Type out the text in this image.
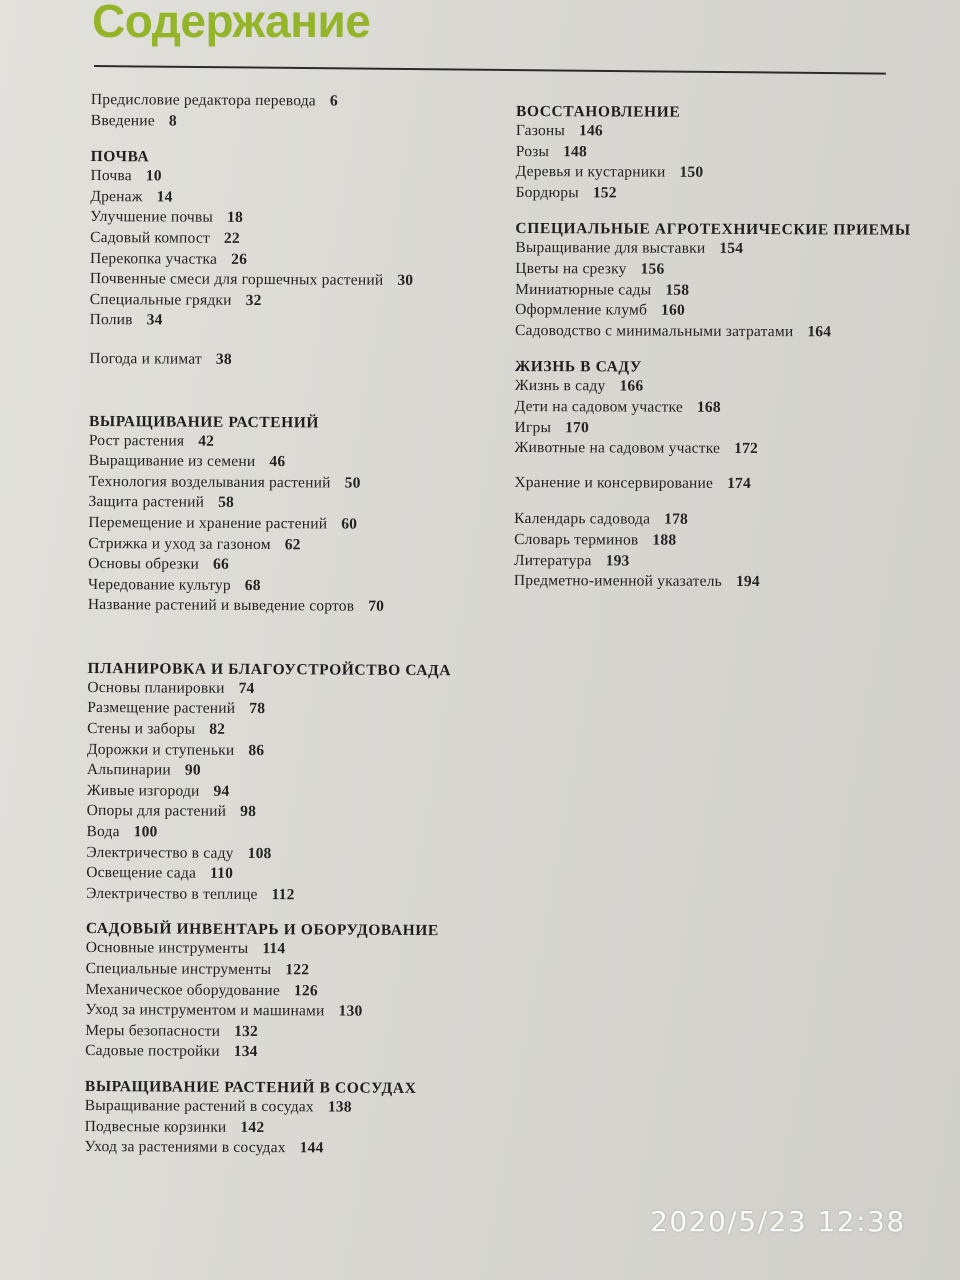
Содержание
Предисловие редактора перевода 6
Введение 8
ПОЧВА
Почва 10
Дренаж 14
Улучшение почвы 18
Садовый компост 22
Перекопка участка 26
Почвенные смеси для горшечных растений 30
Специальные грядки 32
Полив 34
Погода и климат 38
ВЫРАЩИВАНИЕ РАСТЕНИЙ
Рост растения 42
Выращивание из семени 46
Технология возделывания растений 50
Защита растений 58
Перемещение и хранение растений 60
Стрижка и уход за газоном 62
Основы обрезки 66
Чередование культур 68
Название растений и выведение сортов 70
ПЛАНИРОВКА И БЛАГОУСТРОЙСТВО САДА
Основы планировки 74
Размещение растений 78
Стены и заборы 82
Дорожки и ступеньки 86
Альпинарии 90
Живые изгороди 94
Опоры для растений 98
Вода 100
Электричество в саду 108
Освещение сада 110
Электричество в теплице 112
САДОВЫЙ ИНВЕНТАРЬ И ОБОРУДОВАНИЕ
Основные инструменты 114
Специальные инструменты 122
Механическое оборудование 126
Уход за инструментом и машинами 130
Меры безопасности 132
Садовые постройки 134
ВЫРАЩИВАНИЕ РАСТЕНИЙ В СОСУДАХ
Выращивание растений в сосудах 138
Подвесные корзинки 142
Уход за растениями в сосудах 144
ВОССТАНОВЛЕНИЕ
Газоны 146
Розы 148
Деревья и кустарники 150
Бордюры 152
СПЕЦИАЛЬНЫЕ АГРОТЕХНИЧЕСКИЕ ПРИЕМЫ
Выращивание для выставки 154
Цветы на срезку 156
Миниатюрные сады 158
Оформление клумб 160
Садоводство с минимальными затратами 164
ЖИЗНЬ В САДУ
Жизнь в саду 166
Дети на садовом участке 168
Игры 170
Животные на садовом участке 172
Хранение и консервирование 174
Календарь садовода 178
Словарь терминов 188
Литература 193
Предметно-именной указатель 194
2020/5/23 12:38
